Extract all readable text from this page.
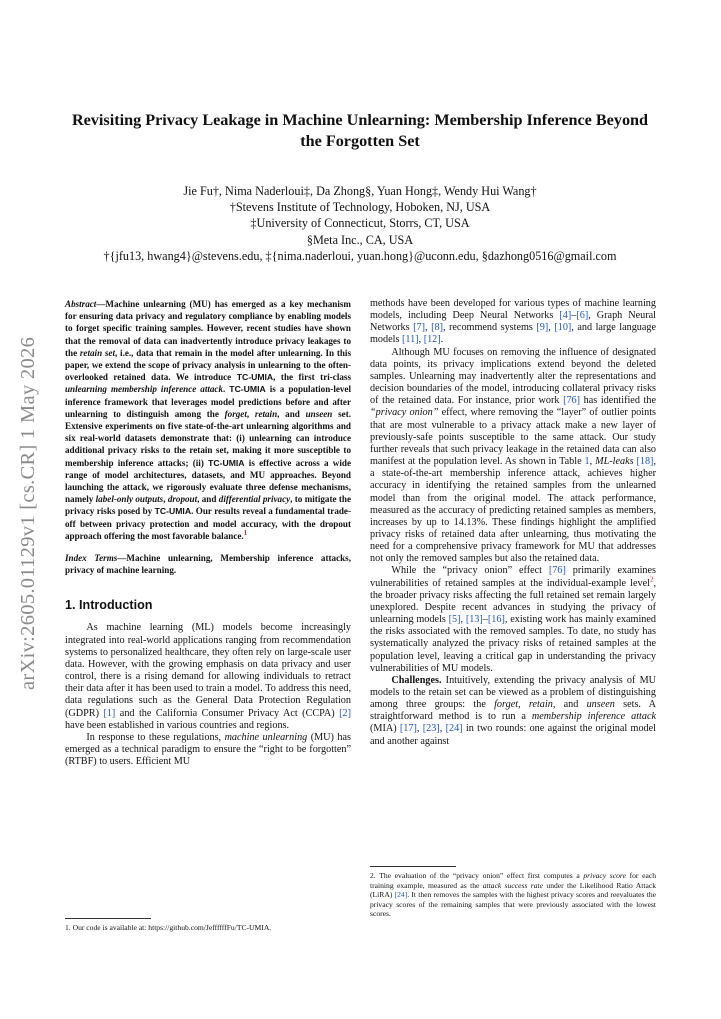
arXiv:2605.01129v1 [cs.CR] 1 May 2026
Revisiting Privacy Leakage in Machine Unlearning: Membership Inference Beyond the Forgotten Set
Jie Fu†, Nima Naderloui‡, Da Zhong§, Yuan Hong‡, Wendy Hui Wang†
†Stevens Institute of Technology, Hoboken, NJ, USA
‡University of Connecticut, Storrs, CT, USA
§Meta Inc., CA, USA
†{jfu13, hwang4}@stevens.edu, ‡{nima.naderloui, yuan.hong}@uconn.edu, §dazhong0516@gmail.com

Abstract—Machine unlearning (MU) has emerged as a key mechanism for ensuring data privacy and regulatory compliance by enabling models to forget specific training samples. However, recent studies have shown that the removal of data can inadvertently introduce privacy leakages to the retain set, i.e., data that remain in the model after unlearning. In this paper, we extend the scope of privacy analysis in unlearning to the often-overlooked retained data. We introduce TC-UMIA, the first tri-class unlearning membership inference attack. TC-UMIA is a population-level inference framework that leverages model predictions before and after unlearning to distinguish among the forget, retain, and unseen set. Extensive experiments on five state-of-the-art unlearning algorithms and six real-world datasets demonstrate that: (i) unlearning can introduce additional privacy risks to the retain set, making it more susceptible to membership inference attacks; (ii) TC-UMIA is effective across a wide range of model architectures, datasets, and MU approaches. Beyond launching the attack, we rigorously evaluate three defense mechanisms, namely label-only outputs, dropout, and differential privacy, to mitigate the privacy risks posed by TC-UMIA. Our results reveal a fundamental trade-off between privacy protection and model accuracy, with the dropout approach offering the most favorable balance.$^1$

Index Terms—Machine unlearning, Membership inference attacks, privacy of machine learning.

1. Introduction

As machine learning (ML) models become increasingly integrated into real-world applications ranging from recommendation systems to personalized healthcare, they often rely on large-scale user data. However, with the growing emphasis on data privacy and user control, there is a rising demand for allowing individuals to retract their data after it has been used to train a model. To address this need, data regulations such as the General Data Protection Regulation (GDPR) [1] and the California Consumer Privacy Act (CCPA) [2] have been established in various countries and regions.

In response to these regulations, machine unlearning (MU) has emerged as a technical paradigm to ensure the “right to be forgotten” (RTBF) to users. Efficient MU

1. Our code is available at: https://github.com/JeffffffFu/TC-UMIA.

methods have been developed for various types of machine learning models, including Deep Neural Networks [4]–[6], Graph Neural Networks [7], [8], recommend systems [9], [10], and large language models [11], [12].

Although MU focuses on removing the influence of designated data points, its privacy implications extend beyond the deleted samples. Unlearning may inadvertently alter the representations and decision boundaries of the model, introducing collateral privacy risks of the retained data. For instance, prior work [76] has identified the “privacy onion” effect, where removing the “layer” of outlier points that are most vulnerable to a privacy attack make a new layer of previously-safe points susceptible to the same attack. Our study further reveals that such privacy leakage in the retained data can also manifest at the population level. As shown in Table 1, ML-leaks [18], a state-of-the-art membership inference attack, achieves higher accuracy in identifying the retained samples from the unlearned model than from the original model. The attack performance, measured as the accuracy of predicting retained samples as members, increases by up to 14.13%. These findings highlight the amplified privacy risks of retained data after unlearning, thus motivating the need for a comprehensive privacy framework for MU that addresses not only the removed samples but also the retained data.

While the “privacy onion” effect [76] primarily examines vulnerabilities of retained samples at the individual-example level$^2$, the broader privacy risks affecting the full retained set remain largely unexplored. Despite recent advances in studying the privacy of unlearning models [5], [13]–[16], existing work has mainly examined the risks associated with the removed samples. To date, no study has systematically analyzed the privacy risks of retained samples at the population level, leaving a critical gap in understanding the privacy vulnerabilities of MU models.

Challenges. Intuitively, extending the privacy analysis of MU models to the retain set can be viewed as a problem of distinguishing among three groups: the forget, retain, and unseen sets. A straightforward method is to run a membership inference attack (MIA) [17], [23], [24] in two rounds: one against the original model and another against

2. The evaluation of the “privacy onion” effect first computes a privacy score for each training example, measured as the attack success rate under the Likelihood Ratio Attack (LiRA) [24]. It then removes the samples with the highest privacy scores and reevaluates the privacy scores of the remaining samples that were previously associated with the lowest scores.
